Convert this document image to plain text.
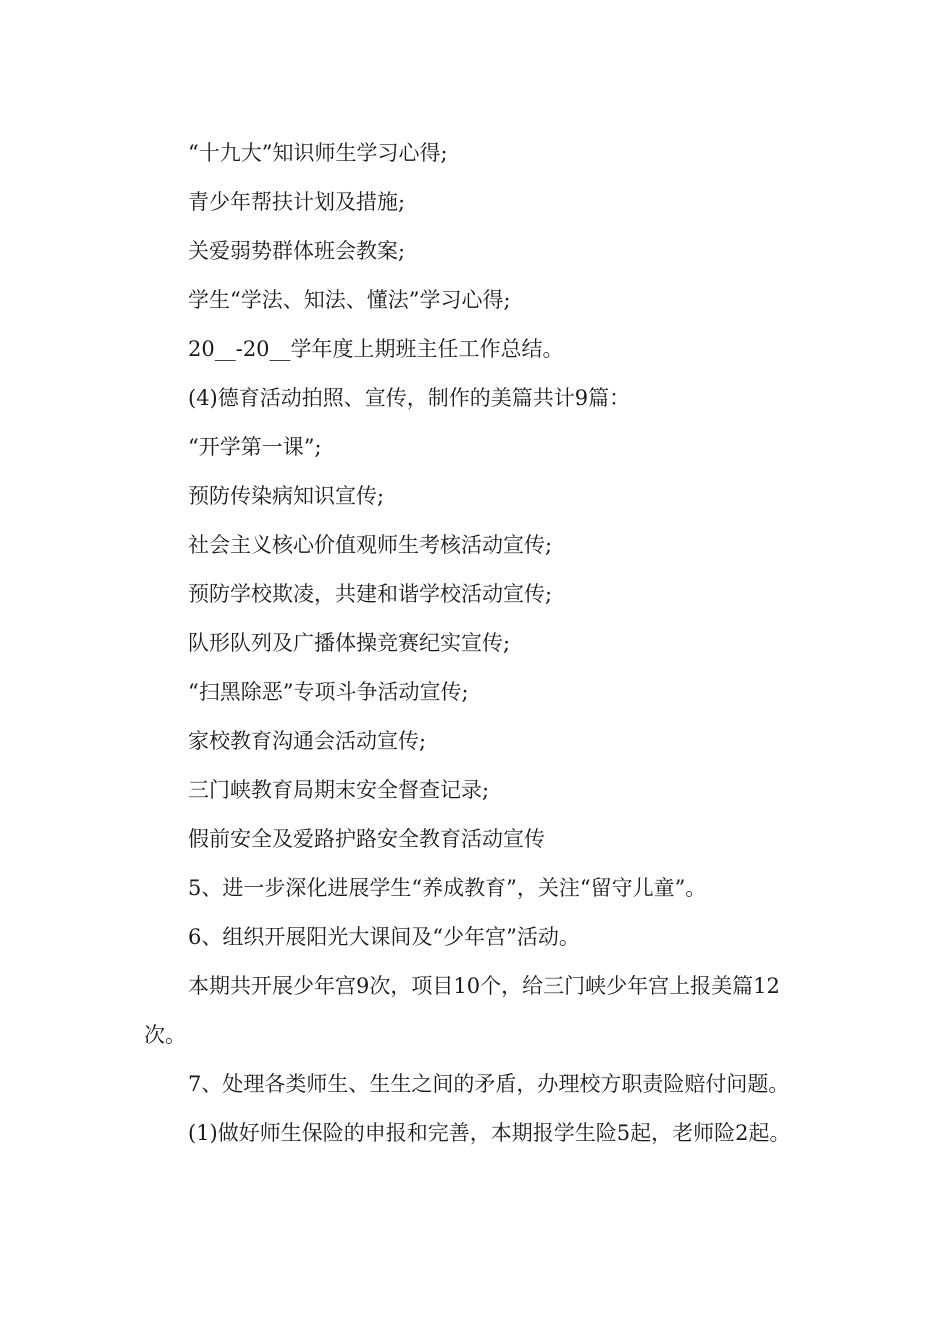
“十九大”知识师生学习心得;

青少年帮扶计划及措施;

关爱弱势群体班会教案;

学生“学法、知法、懂法”学习心得;

20__-20__学年度上期班主任工作总结。

(4)德育活动拍照、宣传，制作的美篇共计9篇：

“开学第一课”;

预防传染病知识宣传;

社会主义核心价值观师生考核活动宣传;

预防学校欺凌，共建和谐学校活动宣传;

队形队列及广播体操竞赛纪实宣传;

“扫黑除恶”专项斗争活动宣传;

家校教育沟通会活动宣传;

三门峡教育局期末安全督查记录;

假前安全及爱路护路安全教育活动宣传

5、进一步深化进展学生“养成教育”，关注“留守儿童”。

6、组织开展阳光大课间及“少年宫”活动。

本期共开展少年宫9次，项目10个，给三门峡少年宫上报美篇12次。

7、处理各类师生、生生之间的矛盾，办理校方职责险赔付问题。

(1)做好师生保险的申报和完善，本期报学生险5起，老师险2起。
